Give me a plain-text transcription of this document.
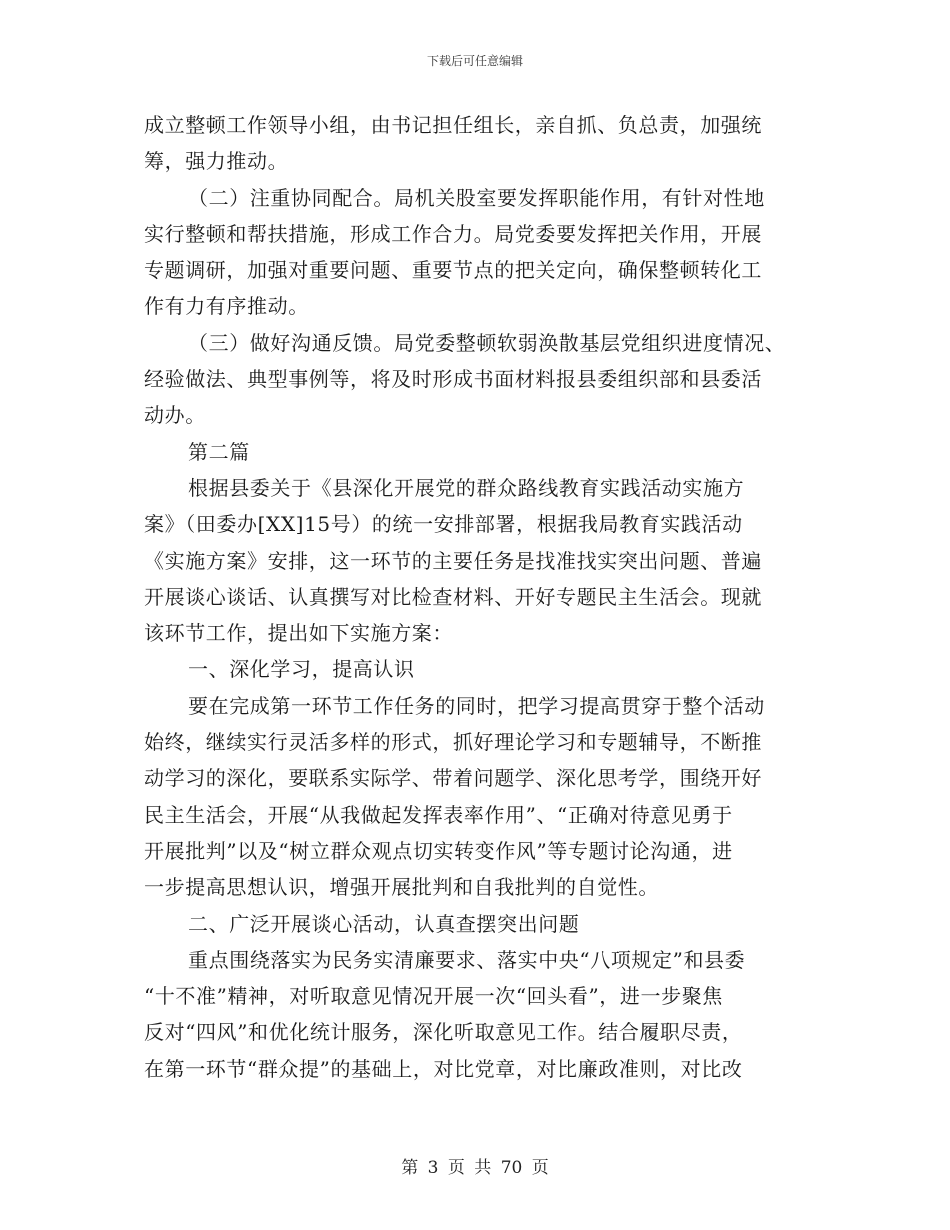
下载后可任意编辑
成立整顿工作领导小组，由书记担任组长，亲自抓、负总责，加强统
筹，强力推动。
（二）注重协同配合。局机关股室要发挥职能作用，有针对性地
实行整顿和帮扶措施，形成工作合力。局党委要发挥把关作用，开展
专题调研，加强对重要问题、重要节点的把关定向，确保整顿转化工
作有力有序推动。
（三）做好沟通反馈。局党委整顿软弱涣散基层党组织进度情况、
经验做法、典型事例等，将及时形成书面材料报县委组织部和县委活
动办。
第二篇
根据县委关于《县深化开展党的群众路线教育实践活动实施方
案》（田委办[XX]15号）的统一安排部署，根据我局教育实践活动
《实施方案》安排，这一环节的主要任务是找准找实突出问题、普遍
开展谈心谈话、认真撰写对比检查材料、开好专题民主生活会。现就
该环节工作，提出如下实施方案：
一、深化学习，提高认识
要在完成第一环节工作任务的同时，把学习提高贯穿于整个活动
始终，继续实行灵活多样的形式，抓好理论学习和专题辅导，不断推
动学习的深化，要联系实际学、带着问题学、深化思考学，围绕开好
民主生活会，开展“从我做起发挥表率作用”、“正确对待意见勇于
开展批判”以及“树立群众观点切实转变作风”等专题讨论沟通，进
一步提高思想认识，增强开展批判和自我批判的自觉性。
二、广泛开展谈心活动，认真查摆突出问题
重点围绕落实为民务实清廉要求、落实中央“八项规定”和县委
“十不准”精神，对听取意见情况开展一次“回头看”，进一步聚焦
反对“四风”和优化统计服务，深化听取意见工作。结合履职尽责，
在第一环节“群众提”的基础上，对比党章，对比廉政准则，对比改
第 3 页 共 70 页
